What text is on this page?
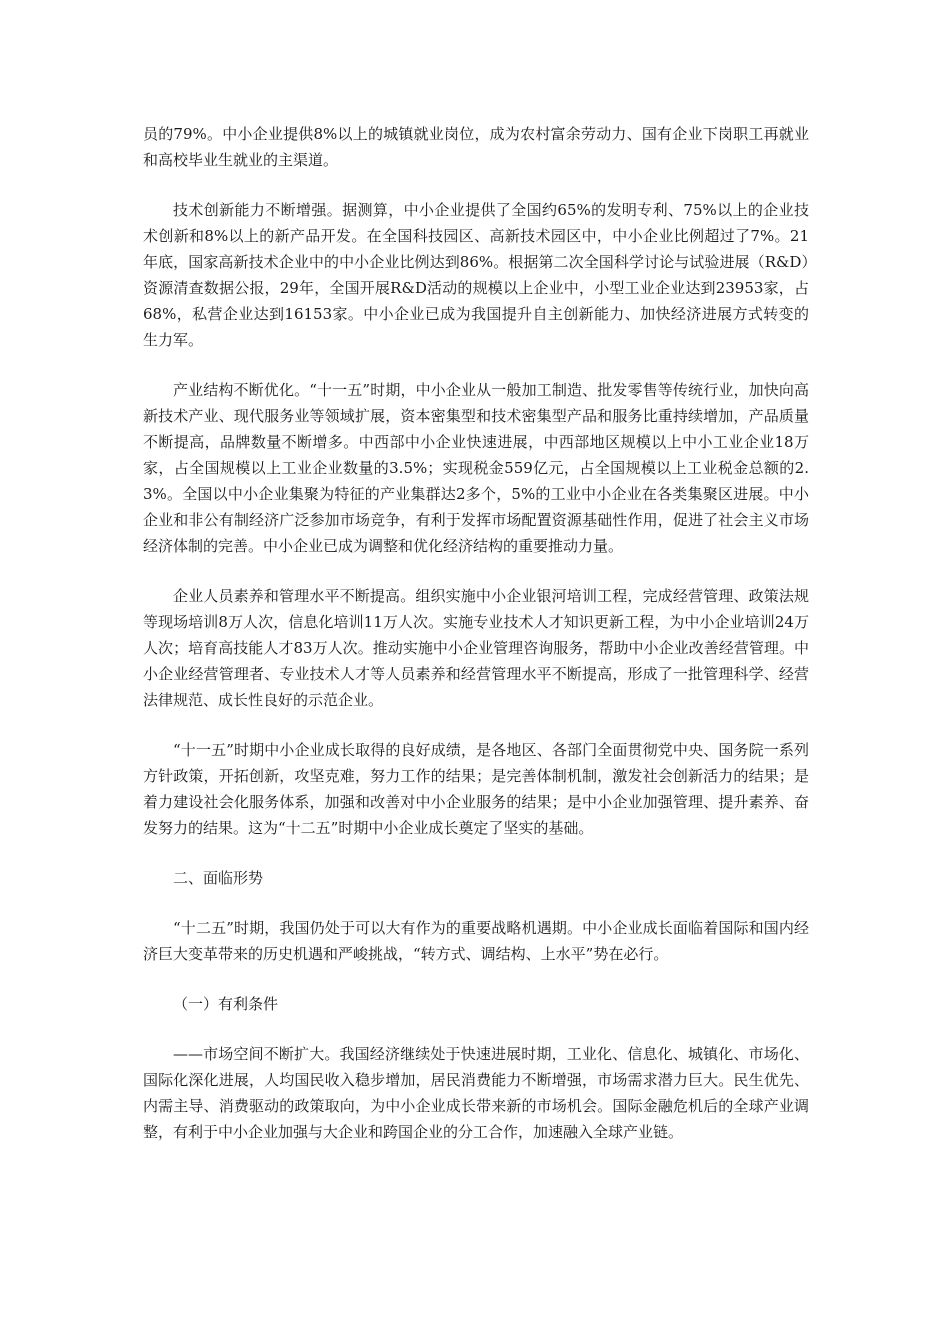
员的79%。中小企业提供8%以上的城镇就业岗位，成为农村富余劳动力、国有企业下岗职工再就业和高校毕业生就业的主渠道。

技术创新能力不断增强。据测算，中小企业提供了全国约65%的发明专利、75%以上的企业技术创新和8%以上的新产品开发。在全国科技园区、高新技术园区中，中小企业比例超过了7%。21年底，国家高新技术企业中的中小企业比例达到86%。根据第二次全国科学讨论与试验进展（R&D）资源清查数据公报，29年，全国开展R&D活动的规模以上企业中，小型工业企业达到23953家，占68%，私营企业达到16153家。中小企业已成为我国提升自主创新能力、加快经济进展方式转变的生力军。

产业结构不断优化。“十一五”时期，中小企业从一般加工制造、批发零售等传统行业，加快向高新技术产业、现代服务业等领域扩展，资本密集型和技术密集型产品和服务比重持续增加，产品质量不断提高，品牌数量不断增多。中西部中小企业快速进展，中西部地区规模以上中小工业企业18万家，占全国规模以上工业企业数量的3.5%；实现税金559亿元，占全国规模以上工业税金总额的2.3%。全国以中小企业集聚为特征的产业集群达2多个，5%的工业中小企业在各类集聚区进展。中小企业和非公有制经济广泛参加市场竞争，有利于发挥市场配置资源基础性作用，促进了社会主义市场经济体制的完善。中小企业已成为调整和优化经济结构的重要推动力量。

企业人员素养和管理水平不断提高。组织实施中小企业银河培训工程，完成经营管理、政策法规等现场培训8万人次，信息化培训11万人次。实施专业技术人才知识更新工程，为中小企业培训24万人次；培育高技能人才83万人次。推动实施中小企业管理咨询服务，帮助中小企业改善经营管理。中小企业经营管理者、专业技术人才等人员素养和经营管理水平不断提高，形成了一批管理科学、经营法律规范、成长性良好的示范企业。

“十一五”时期中小企业成长取得的良好成绩，是各地区、各部门全面贯彻党中央、国务院一系列方针政策，开拓创新，攻坚克难，努力工作的结果；是完善体制机制，激发社会创新活力的结果；是着力建设社会化服务体系，加强和改善对中小企业服务的结果；是中小企业加强管理、提升素养、奋发努力的结果。这为“十二五”时期中小企业成长奠定了坚实的基础。

二、面临形势

“十二五”时期，我国仍处于可以大有作为的重要战略机遇期。中小企业成长面临着国际和国内经济巨大变革带来的历史机遇和严峻挑战，“转方式、调结构、上水平”势在必行。

（一）有利条件

——市场空间不断扩大。我国经济继续处于快速进展时期，工业化、信息化、城镇化、市场化、国际化深化进展，人均国民收入稳步增加，居民消费能力不断增强，市场需求潜力巨大。民生优先、内需主导、消费驱动的政策取向，为中小企业成长带来新的市场机会。国际金融危机后的全球产业调整，有利于中小企业加强与大企业和跨国企业的分工合作，加速融入全球产业链。
